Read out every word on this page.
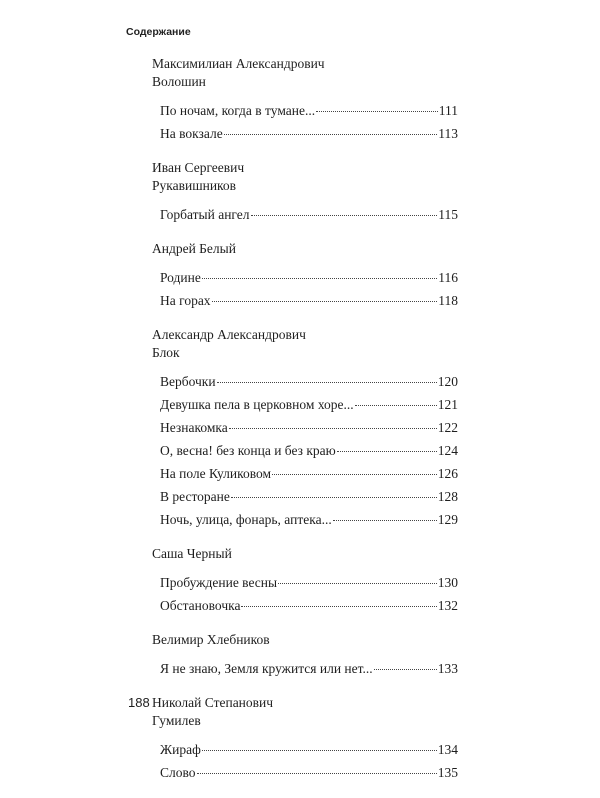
Содержание
Максимилиан Александрович
Волошин
По ночам, когда в тумане...	111
На вокзале	113
Иван Сергеевич
Рукавишников
Горбатый ангел	115
Андрей Белый
Родине	116
На горах	118
Александр Александрович
Блок
Вербочки	120
Девушка пела в церковном хоре...	121
Незнакомка	122
О, весна! без конца и без краю	124
На поле Куликовом	126
В ресторане	128
Ночь, улица, фонарь, аптека...	129
Саша Черный
Пробуждение весны	130
Обстановочка	132
Велимир Хлебников
Я не знаю, Земля кружится или нет...	133
Николай Степанович
Гумилев
Жираф	134
Слово	135
188
